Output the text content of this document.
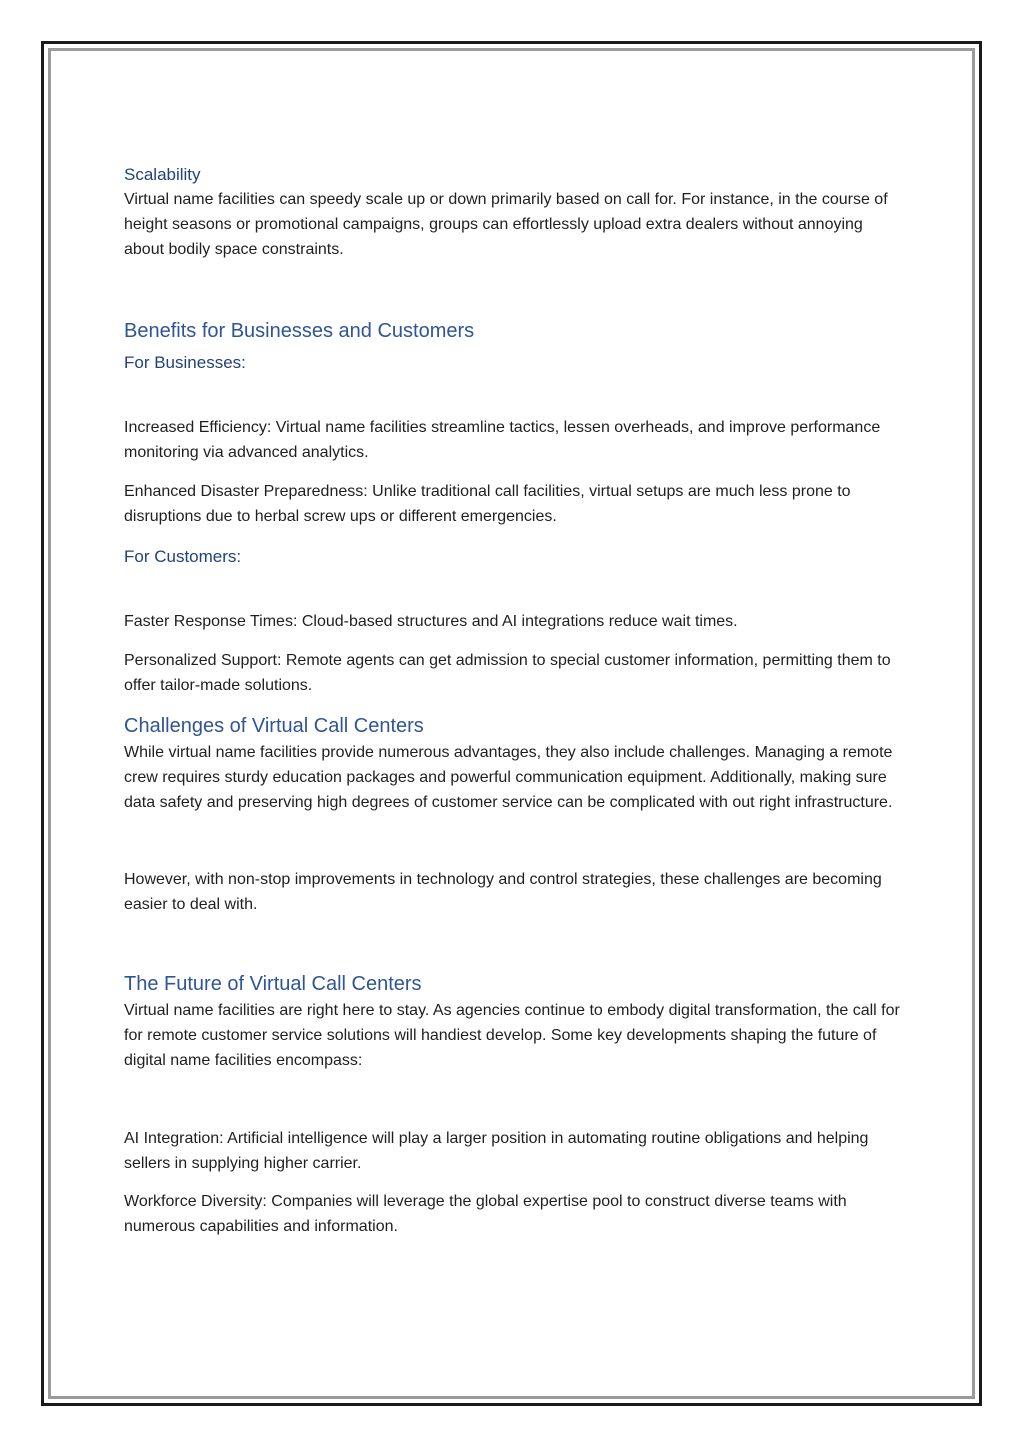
Scalability

Virtual name facilities can speedy scale up or down primarily based on call for. For instance, in the course of height seasons or promotional campaigns, groups can effortlessly upload extra dealers without annoying about bodily space constraints.

Benefits for Businesses and Customers
For Businesses:

Increased Efficiency: Virtual name facilities streamline tactics, lessen overheads, and improve performance monitoring via advanced analytics.

Enhanced Disaster Preparedness: Unlike traditional call facilities, virtual setups are much less prone to disruptions due to herbal screw ups or different emergencies.

For Customers:

Faster Response Times: Cloud-based structures and AI integrations reduce wait times.

Personalized Support: Remote agents can get admission to special customer information, permitting them to offer tailor-made solutions.

Challenges of Virtual Call Centers

While virtual name facilities provide numerous advantages, they also include challenges. Managing a remote crew requires sturdy education packages and powerful communication equipment. Additionally, making sure data safety and preserving high degrees of customer service can be complicated with out right infrastructure.

However, with non-stop improvements in technology and control strategies, these challenges are becoming easier to deal with.

The Future of Virtual Call Centers

Virtual name facilities are right here to stay. As agencies continue to embody digital transformation, the call for for remote customer service solutions will handiest develop. Some key developments shaping the future of digital name facilities encompass:

AI Integration: Artificial intelligence will play a larger position in automating routine obligations and helping sellers in supplying higher carrier.

Workforce Diversity: Companies will leverage the global expertise pool to construct diverse teams with numerous capabilities and information.
